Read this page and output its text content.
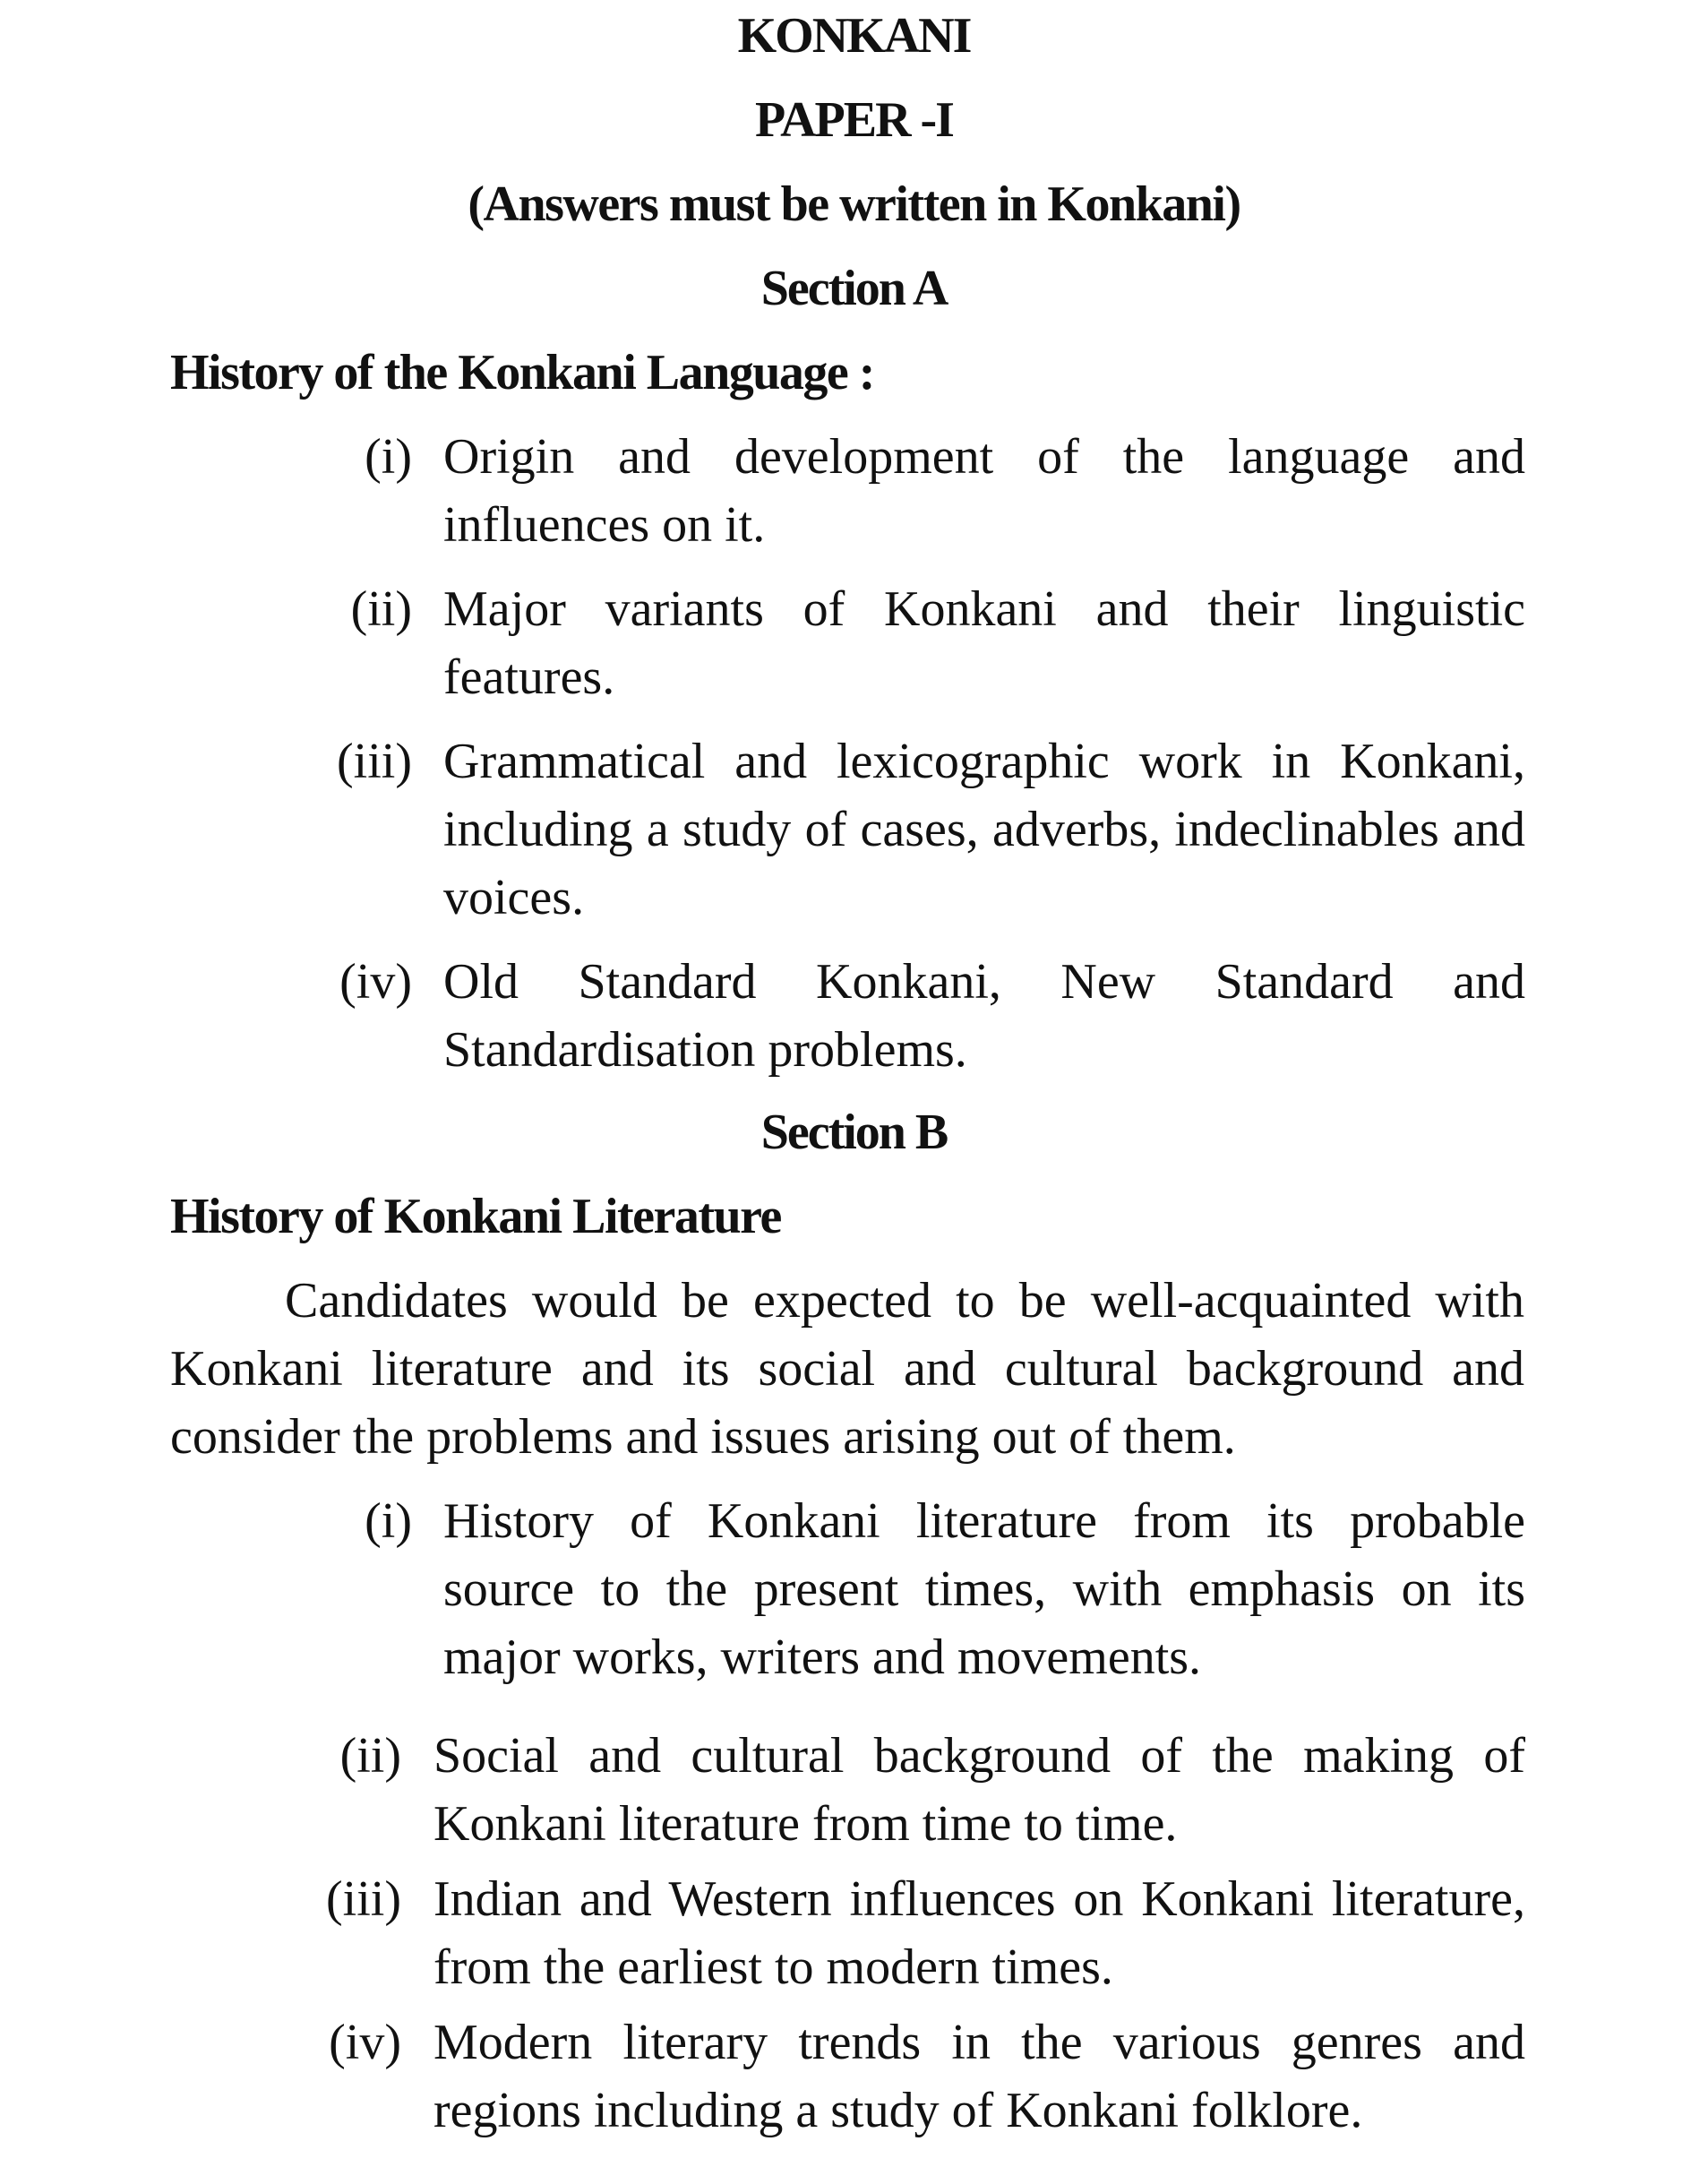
KONKANI
PAPER -I
(Answers must be written in Konkani)
Section A
History of the Konkani Language :
(i) Origin and development of the language and influences on it.
(ii) Major variants of Konkani and their linguistic features.
(iii) Grammatical and lexicographic work in Konkani, including a study of cases, adverbs, indeclinables and voices.
(iv) Old Standard Konkani, New Standard and Standardisation problems.
Section B
History of Konkani Literature
Candidates would be expected to be well-acquainted with Konkani literature and its social and cultural background and consider the problems and issues arising out of them.
(i) History of Konkani literature from its probable source to the present times, with emphasis on its major works, writers and movements.
(ii) Social and cultural background of the making of Konkani literature from time to time.
(iii) Indian and Western influences on Konkani literature, from the earliest to modern times.
(iv) Modern literary trends in the various genres and regions including a study of Konkani folklore.
